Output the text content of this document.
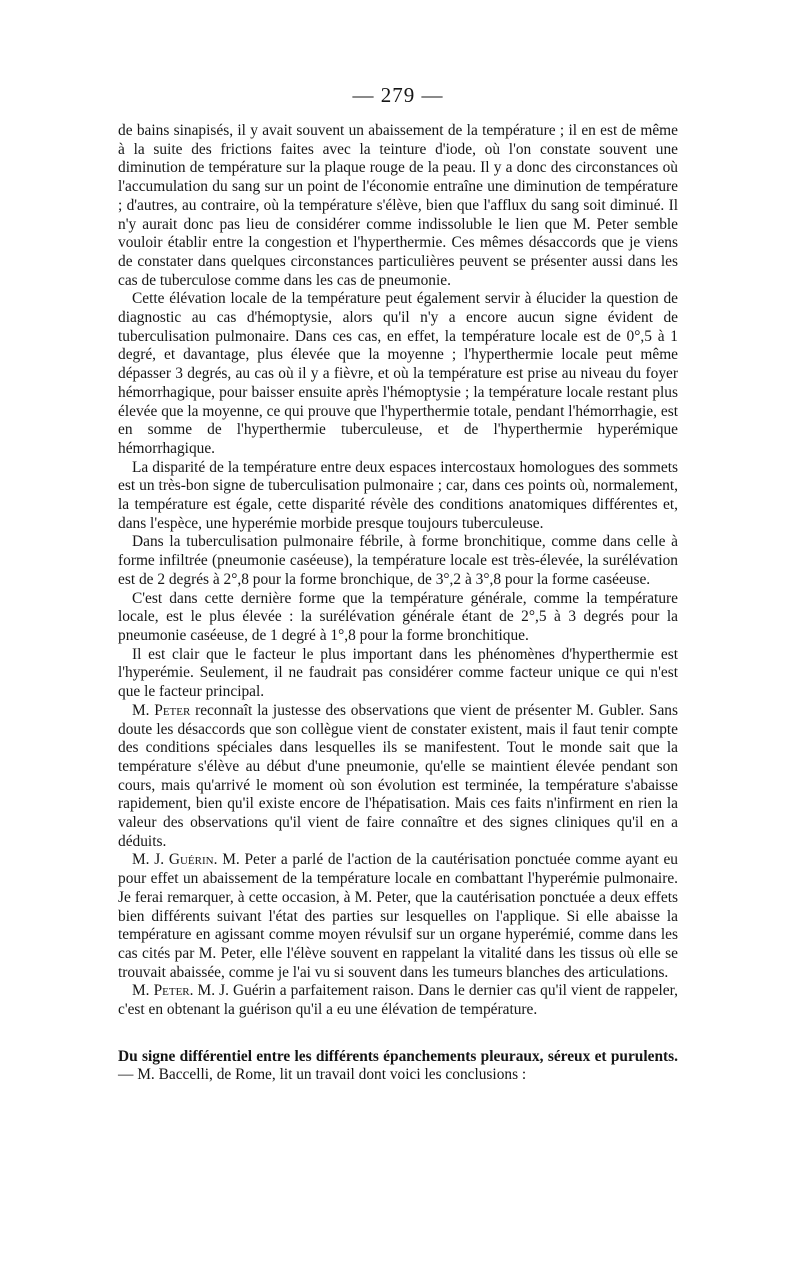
— 279 —

de bains sinapisés, il y avait souvent un abaissement de la température ; il en est de même à la suite des frictions faites avec la teinture d'iode, où l'on constate souvent une diminution de température sur la plaque rouge de la peau. Il y a donc des circonstances où l'accumulation du sang sur un point de l'économie entraîne une diminution de température ; d'autres, au contraire, où la température s'élève, bien que l'afflux du sang soit diminué. Il n'y aurait donc pas lieu de considérer comme indissoluble le lien que M. Peter semble vouloir établir entre la congestion et l'hyperthermie. Ces mêmes désaccords que je viens de constater dans quelques circonstances particulières peuvent se présenter aussi dans les cas de tuberculose comme dans les cas de pneumonie.

Cette élévation locale de la température peut également servir à élucider la question de diagnostic au cas d'hémoptysie, alors qu'il n'y a encore aucun signe évident de tuberculisation pulmonaire. Dans ces cas, en effet, la température locale est de 0°,5 à 1 degré, et davantage, plus élevée que la moyenne ; l'hyperthermie locale peut même dépasser 3 degrés, au cas où il y a fièvre, et où la température est prise au niveau du foyer hémorrhagique, pour baisser ensuite après l'hémoptysie ; la température locale restant plus élevée que la moyenne, ce qui prouve que l'hyperthermie totale, pendant l'hémorrhagie, est en somme de l'hyperthermie tuberculeuse, et de l'hyperthermie hyperémique hémorrhagique.

La disparité de la température entre deux espaces intercostaux homologues des sommets est un très-bon signe de tuberculisation pulmonaire ; car, dans ces points où, normalement, la température est égale, cette disparité révèle des conditions anatomiques différentes et, dans l'espèce, une hyperémie morbide presque toujours tuberculeuse.

Dans la tuberculisation pulmonaire fébrile, à forme bronchitique, comme dans celle à forme infiltrée (pneumonie caséeuse), la température locale est très-élevée, la surélévation est de 2 degrés à 2°,8 pour la forme bronchique, de 3°,2 à 3°,8 pour la forme caséeuse.

C'est dans cette dernière forme que la température générale, comme la température locale, est le plus élevée : la surélévation générale étant de 2°,5 à 3 degrés pour la pneumonie caséeuse, de 1 degré à 1°,8 pour la forme bronchitique.

Il est clair que le facteur le plus important dans les phénomènes d'hyperthermie est l'hyperémie. Seulement, il ne faudrait pas considérer comme facteur unique ce qui n'est que le facteur principal.

M. Peter reconnaît la justesse des observations que vient de présenter M. Gubler. Sans doute les désaccords que son collègue vient de constater existent, mais il faut tenir compte des conditions spéciales dans lesquelles ils se manifestent. Tout le monde sait que la température s'élève au début d'une pneumonie, qu'elle se maintient élevée pendant son cours, mais qu'arrivé le moment où son évolution est terminée, la température s'abaisse rapidement, bien qu'il existe encore de l'hépatisation. Mais ces faits n'infirment en rien la valeur des observations qu'il vient de faire connaître et des signes cliniques qu'il en a déduits.

M. J. Guérin. M. Peter a parlé de l'action de la cautérisation ponctuée comme ayant eu pour effet un abaissement de la température locale en combattant l'hyperémie pulmonaire. Je ferai remarquer, à cette occasion, à M. Peter, que la cautérisation ponctuée a deux effets bien différents suivant l'état des parties sur lesquelles on l'applique. Si elle abaisse la température en agissant comme moyen révulsif sur un organe hyperémié, comme dans les cas cités par M. Peter, elle l'élève souvent en rappelant la vitalité dans les tissus où elle se trouvait abaissée, comme je l'ai vu si souvent dans les tumeurs blanches des articulations.

M. Peter. M. J. Guérin a parfaitement raison. Dans le dernier cas qu'il vient de rappeler, c'est en obtenant la guérison qu'il a eu une élévation de température.

Du signe différentiel entre les différents épanchements pleuraux, séreux et purulents. — M. Baccelli, de Rome, lit un travail dont voici les conclusions :
